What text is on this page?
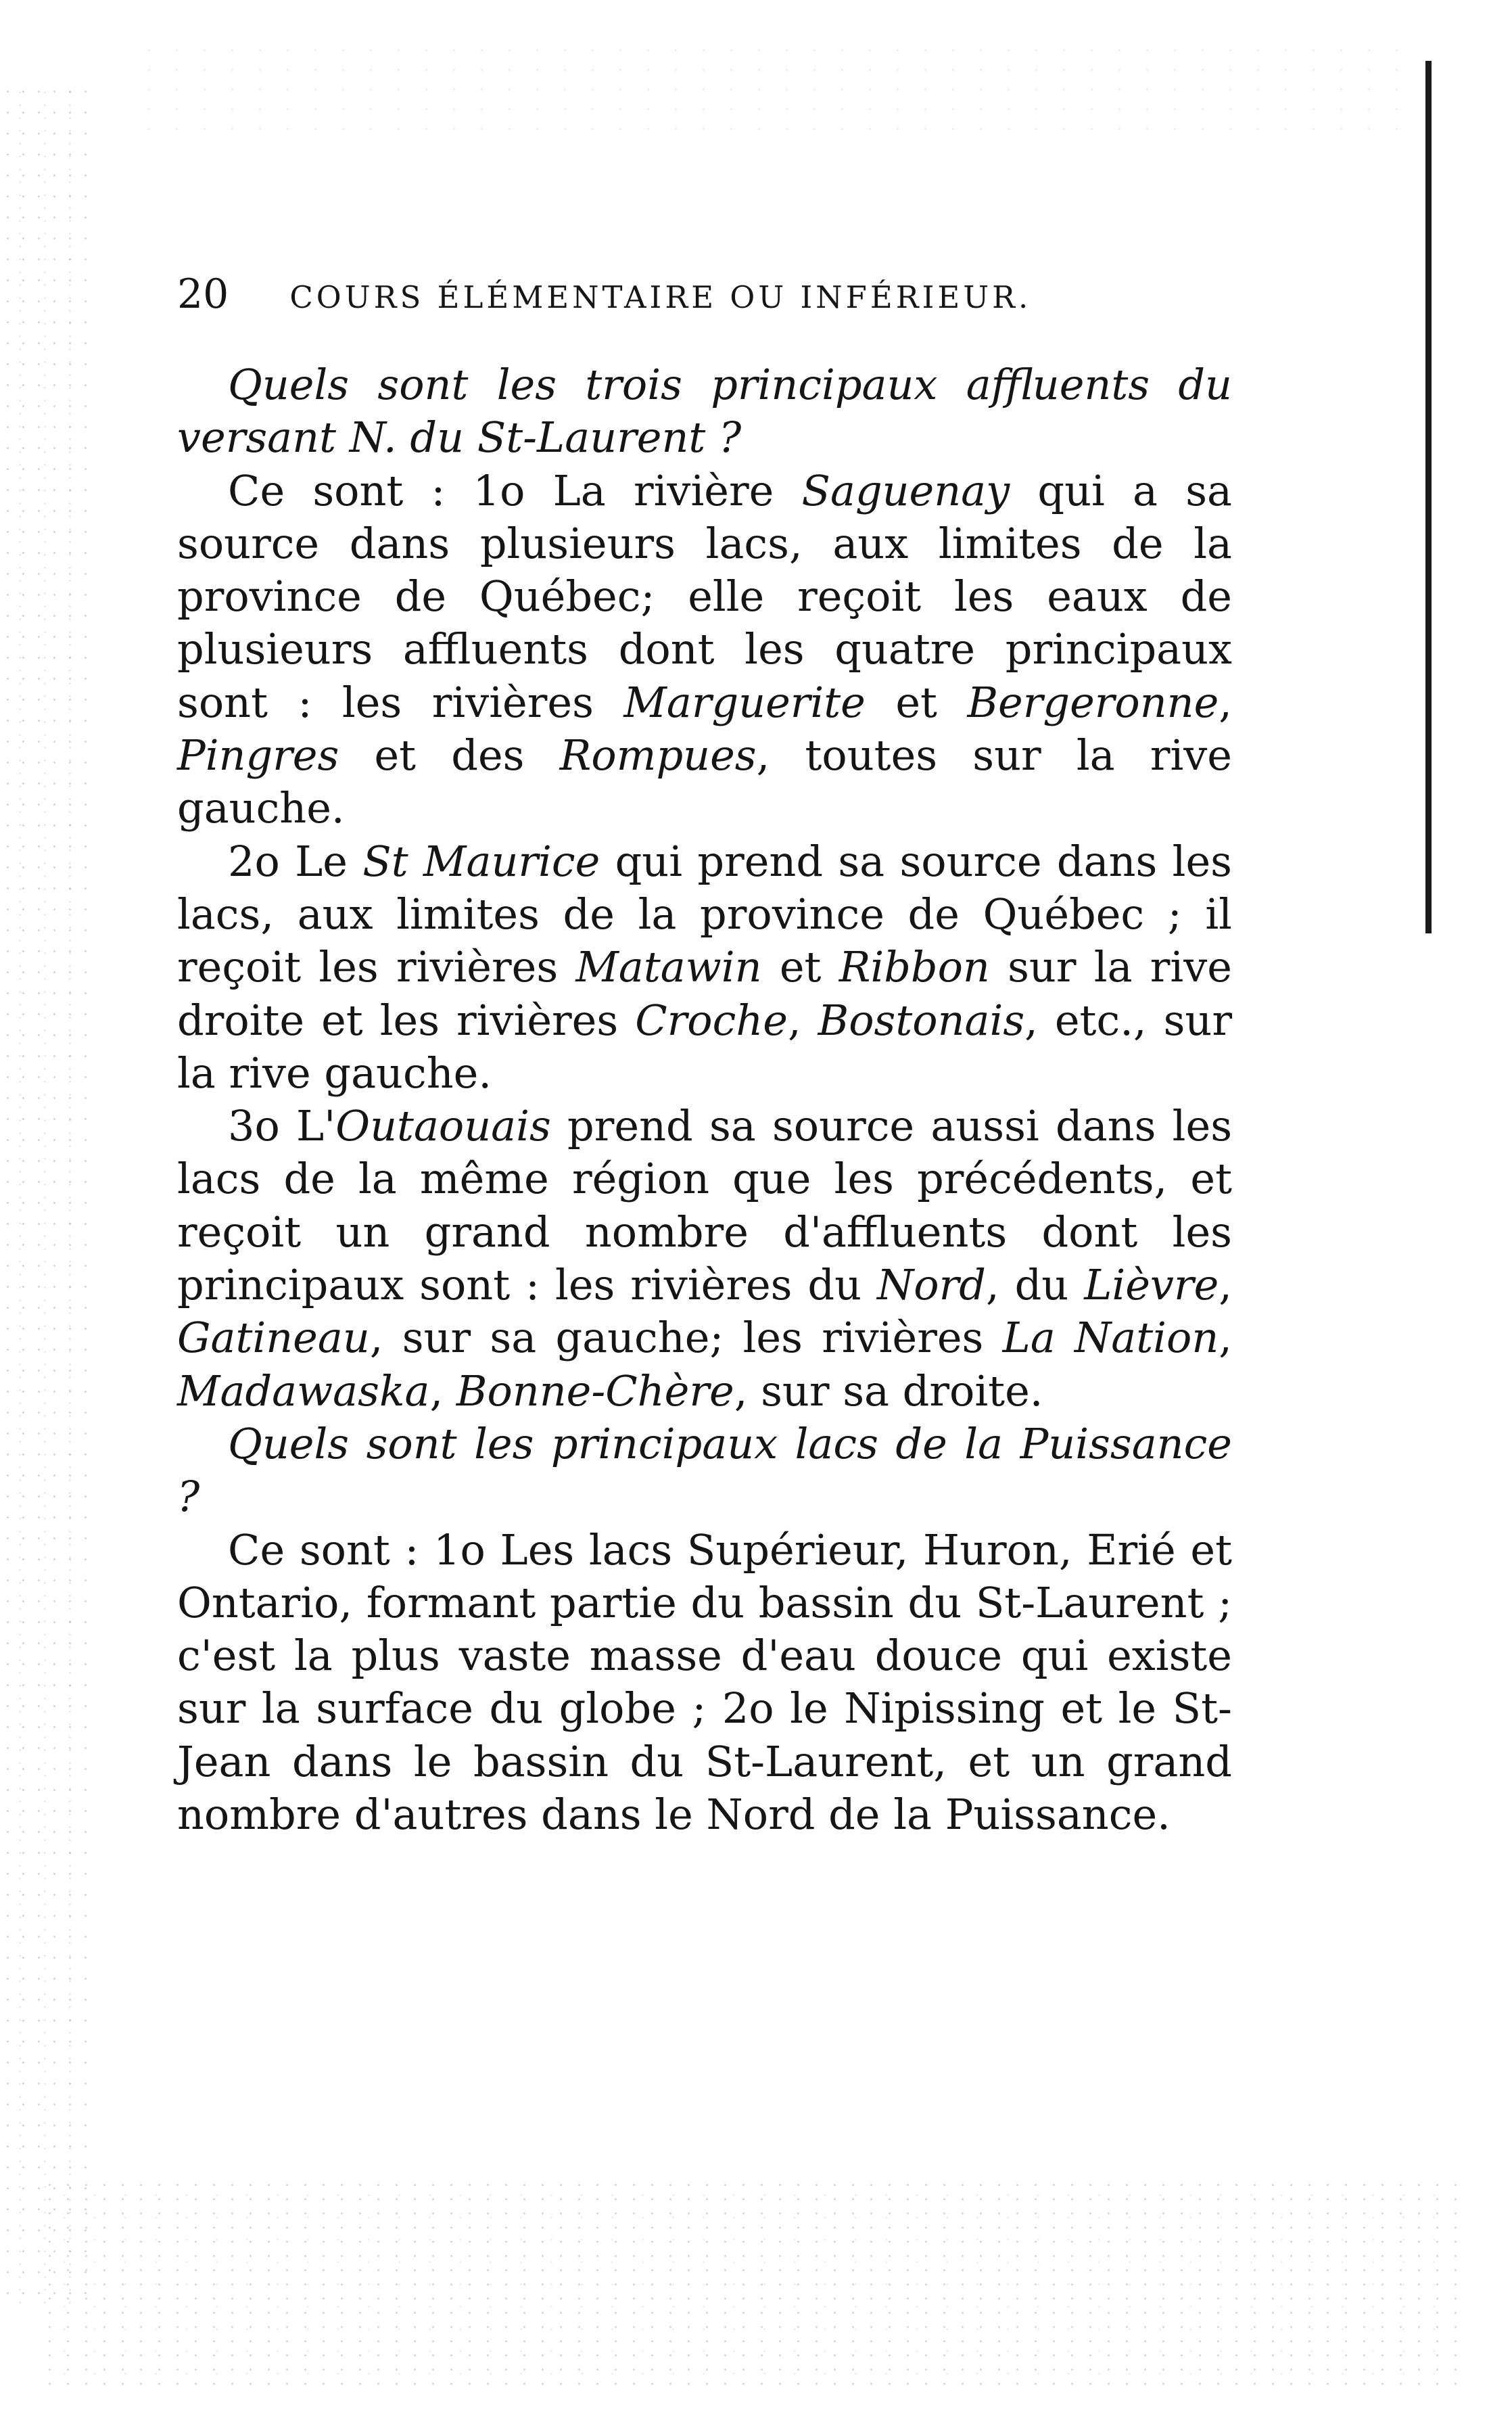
20 COURS ÉLÉMENTAIRE OU INFÉRIEUR.

Quels sont les trois principaux affluents du versant N. du St-Laurent ?

Ce sont : 1o La rivière Saguenay qui a sa source dans plusieurs lacs, aux limites de la province de Québec; elle reçoit les eaux de plusieurs affluents dont les quatre principaux sont : les rivières Marguerite et Bergeronne, Pingres et des Rompues, toutes sur la rive gauche.

2o Le St Maurice qui prend sa source dans les lacs, aux limites de la province de Québec ; il reçoit les rivières Matawin et Ribbon sur la rive droite et les rivières Croche, Bostonais, etc., sur la rive gauche.

3o L'Outaouais prend sa source aussi dans les lacs de la même région que les précédents, et reçoit un grand nombre d'affluents dont les principaux sont : les rivières du Nord, du Lièvre, Gatineau, sur sa gauche; les rivières La Nation, Madawaska, Bonne-Chère, sur sa droite.

Quels sont les principaux lacs de la Puissance ?

Ce sont : 1o Les lacs Supérieur, Huron, Erié et Ontario, formant partie du bassin du St-Laurent ; c'est la plus vaste masse d'eau douce qui existe sur la surface du globe ; 2o le Nipissing et le St-Jean dans le bassin du St-Laurent, et un grand nombre d'autres dans le Nord de la Puissance.
